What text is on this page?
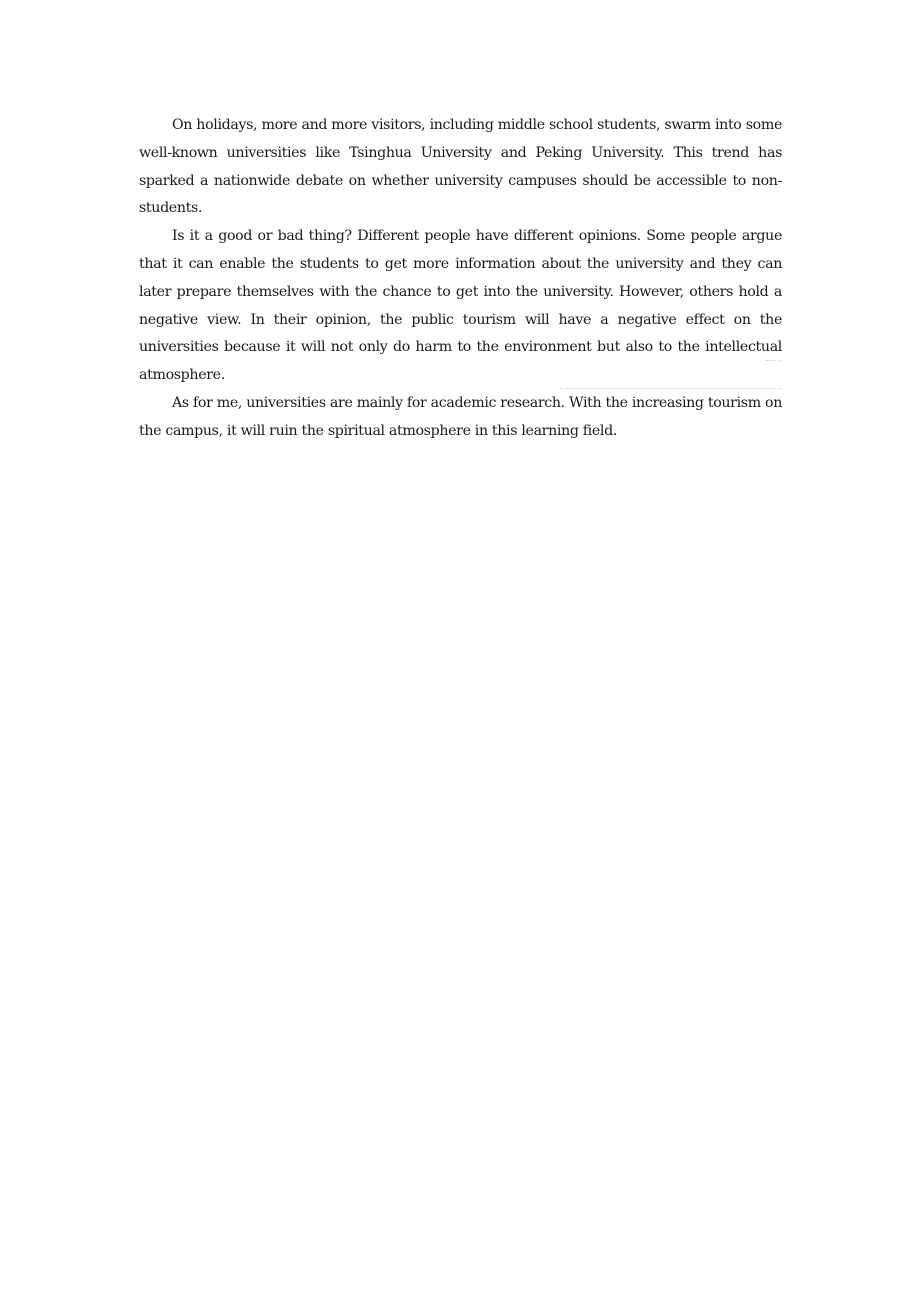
On holidays, more and more visitors, including middle school students, swarm into some well-known universities like Tsinghua University and Peking University. This trend has sparked a nationwide debate on whether university campuses should be accessible to non-students.

Is it a good or bad thing? Different people have different opinions. Some people argue that it can enable the students to get more information about the university and they can later prepare themselves with the chance to get into the university. However, others hold a negative view. In their opinion, the public tourism will have a negative effect on the universities because it will not only do harm to the environment but also to the intellectual atmosphere.

As for me, universities are mainly for academic research. With the increasing tourism on the campus, it will ruin the spiritual atmosphere in this learning field.
